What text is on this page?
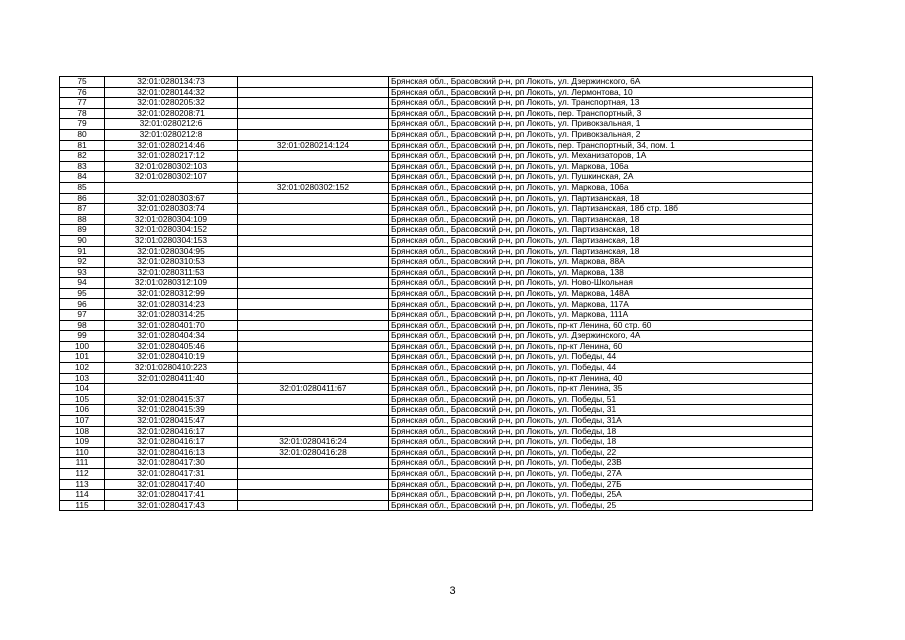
75	32:01:0280134:73		Брянская обл., Брасовский р-н, рп Локоть, ул. Дзержинского, 6А
76	32:01:0280144:32		Брянская обл., Брасовский р-н, рп Локоть, ул. Лермонтова, 10
77	32:01:0280205:32		Брянская обл., Брасовский р-н, рп Локоть, ул. Транспортная, 13
78	32:01:0280208:71		Брянская обл., Брасовский р-н, рп Локоть, пер. Транспортный, 3
79	32:01:0280212:6		Брянская обл., Брасовский р-н, рп Локоть, ул. Привокзальная, 1
80	32:01:0280212:8		Брянская обл., Брасовский р-н, рп Локоть, ул. Привокзальная, 2
81	32:01:0280214:46	32:01:0280214:124	Брянская обл., Брасовский р-н, рп Локоть, пер. Транспортный, 34, пом. 1
82	32:01:0280217:12		Брянская обл., Брасовский р-н, рп Локоть, ул. Механизаторов, 1А
83	32:01:0280302:103		Брянская обл., Брасовский р-н, рп Локоть, ул. Маркова, 106а
84	32:01:0280302:107		Брянская обл., Брасовский р-н, рп Локоть, ул. Пушкинская, 2А
85		32:01:0280302:152	Брянская обл., Брасовский р-н, рп Локоть, ул. Маркова, 106а
86	32:01:0280303:67		Брянская обл., Брасовский р-н, рп Локоть, ул. Партизанская, 18
87	32:01:0280303:74		Брянская обл., Брасовский р-н, рп Локоть, ул. Партизанская, 18б стр. 18б
88	32:01:0280304:109		Брянская обл., Брасовский р-н, рп Локоть, ул. Партизанская, 18
89	32:01:0280304:152		Брянская обл., Брасовский р-н, рп Локоть, ул. Партизанская, 18
90	32:01:0280304:153		Брянская обл., Брасовский р-н, рп Локоть, ул. Партизанская, 18
91	32:01:0280304:95		Брянская обл., Брасовский р-н, рп Локоть, ул. Партизанская, 18
92	32:01:0280310:53		Брянская обл., Брасовский р-н, рп Локоть, ул. Маркова, 88А
93	32:01:0280311:53		Брянская обл., Брасовский р-н, рп Локоть, ул. Маркова, 138
94	32:01:0280312:109		Брянская обл., Брасовский р-н, рп Локоть, ул. Ново-Школьная
95	32:01:0280312:99		Брянская обл., Брасовский р-н, рп Локоть, ул. Маркова, 148А
96	32:01:0280314:23		Брянская обл., Брасовский р-н, рп Локоть, ул. Маркова, 117А
97	32:01:0280314:25		Брянская обл., Брасовский р-н, рп Локоть, ул. Маркова, 111А
98	32:01:0280401:70		Брянская обл., Брасовский р-н, рп Локоть, пр-кт Ленина, 60 стр. 60
99	32:01:0280404:34		Брянская обл., Брасовский р-н, рп Локоть, ул. Дзержинского, 4А
100	32:01:0280405:46		Брянская обл., Брасовский р-н, рп Локоть, пр-кт Ленина, 60
101	32:01:0280410:19		Брянская обл., Брасовский р-н, рп Локоть, ул. Победы, 44
102	32:01:0280410:223		Брянская обл., Брасовский р-н, рп Локоть, ул. Победы, 44
103	32:01:0280411:40		Брянская обл., Брасовский р-н, рп Локоть, пр-кт Ленина, 40
104		32:01:0280411:67	Брянская обл., Брасовский р-н, рп Локоть, пр-кт Ленина, 35
105	32:01:0280415:37		Брянская обл., Брасовский р-н, рп Локоть, ул. Победы, 51
106	32:01:0280415:39		Брянская обл., Брасовский р-н, рп Локоть, ул. Победы, 31
107	32:01:0280415:47		Брянская обл., Брасовский р-н, рп Локоть, ул. Победы, 31А
108	32:01:0280416:17		Брянская обл., Брасовский р-н, рп Локоть, ул. Победы, 18
109	32:01:0280416:17	32:01:0280416:24	Брянская обл., Брасовский р-н, рп Локоть, ул. Победы, 18
110	32:01:0280416:13	32:01:0280416:28	Брянская обл., Брасовский р-н, рп Локоть, ул. Победы, 22
111	32:01:0280417:30		Брянская обл., Брасовский р-н, рп Локоть, ул. Победы, 23В
112	32:01:0280417:31		Брянская обл., Брасовский р-н, рп Локоть, ул. Победы, 27А
113	32:01:0280417:40		Брянская обл., Брасовский р-н, рп Локоть, ул. Победы, 27Б
114	32:01:0280417:41		Брянская обл., Брасовский р-н, рп Локоть, ул. Победы, 25А
115	32:01:0280417:43		Брянская обл., Брасовский р-н, рп Локоть, ул. Победы, 25
3
